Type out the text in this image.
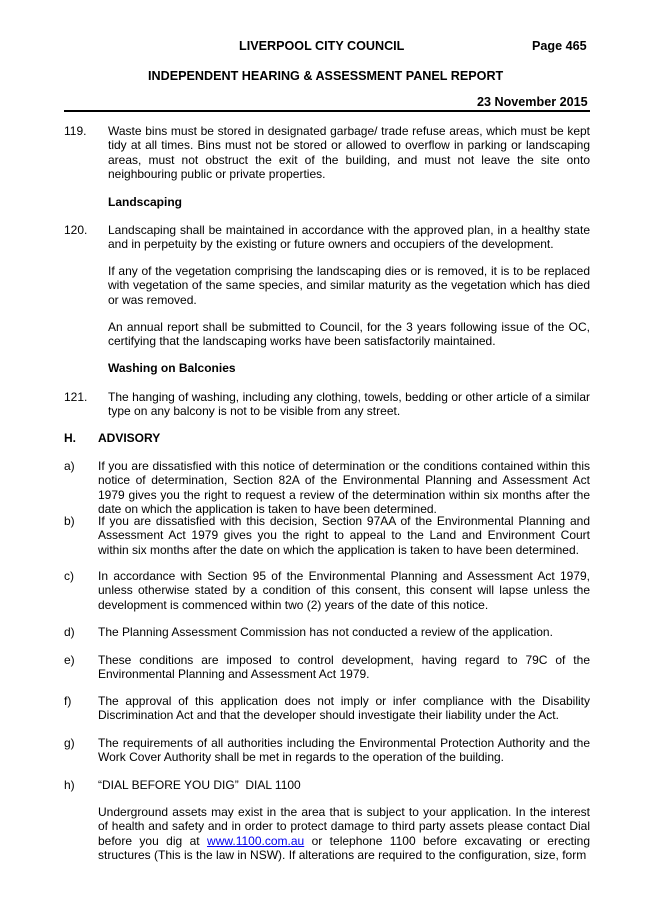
LIVERPOOL CITY COUNCIL	Page 465
INDEPENDENT HEARING & ASSESSMENT PANEL REPORT
23 November 2015
119. Waste bins must be stored in designated garbage/ trade refuse areas, which must be kept tidy at all times. Bins must not be stored or allowed to overflow in parking or landscaping areas, must not obstruct the exit of the building, and must not leave the site onto neighbouring public or private properties.
Landscaping
120. Landscaping shall be maintained in accordance with the approved plan, in a healthy state and in perpetuity by the existing or future owners and occupiers of the development.
If any of the vegetation comprising the landscaping dies or is removed, it is to be replaced with vegetation of the same species, and similar maturity as the vegetation which has died or was removed.
An annual report shall be submitted to Council, for the 3 years following issue of the OC, certifying that the landscaping works have been satisfactorily maintained.
Washing on Balconies
121. The hanging of washing, including any clothing, towels, bedding or other article of a similar type on any balcony is not to be visible from any street.
H. ADVISORY
a) If you are dissatisfied with this notice of determination or the conditions contained within this notice of determination, Section 82A of the Environmental Planning and Assessment Act 1979 gives you the right to request a review of the determination within six months after the date on which the application is taken to have been determined.
b) If you are dissatisfied with this decision, Section 97AA of the Environmental Planning and Assessment Act 1979 gives you the right to appeal to the Land and Environment Court within six months after the date on which the application is taken to have been determined.
c) In accordance with Section 95 of the Environmental Planning and Assessment Act 1979, unless otherwise stated by a condition of this consent, this consent will lapse unless the development is commenced within two (2) years of the date of this notice.
d) The Planning Assessment Commission has not conducted a review of the application.
e) These conditions are imposed to control development, having regard to 79C of the Environmental Planning and Assessment Act 1979.
f) The approval of this application does not imply or infer compliance with the Disability Discrimination Act and that the developer should investigate their liability under the Act.
g) The requirements of all authorities including the Environmental Protection Authority and the Work Cover Authority shall be met in regards to the operation of the building.
h) “DIAL BEFORE YOU DIG”  DIAL 1100
Underground assets may exist in the area that is subject to your application. In the interest of health and safety and in order to protect damage to third party assets please contact Dial before you dig at www.1100.com.au or telephone 1100 before excavating or erecting structures (This is the law in NSW). If alterations are required to the configuration, size, form
